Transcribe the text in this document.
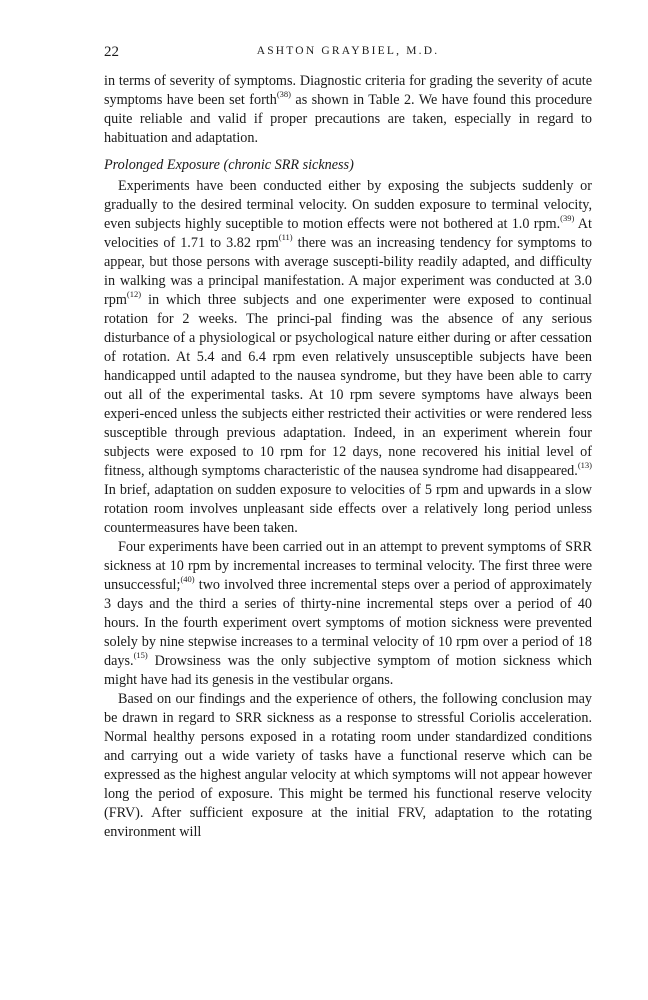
22	ASHTON GRAYBIEL, M.D.

in terms of severity of symptoms. Diagnostic criteria for grading the severity of acute symptoms have been set forth$^{(38)}$ as shown in Table 2. We have found this procedure quite reliable and valid if proper precautions are taken, especially in regard to habituation and adaptation.

Prolonged Exposure (chronic SRR sickness)

Experiments have been conducted either by exposing the subjects suddenly or gradually to the desired terminal velocity. On sudden exposure to terminal velocity, even subjects highly suceptible to motion effects were not bothered at 1.0 rpm.$^{(39)}$ At velocities of 1.71 to 3.82 rpm$^{(11)}$ there was an increasing tendency for symptoms to appear, but those persons with average suscepti-bility readily adapted, and difficulty in walking was a principal manifestation. A major experiment was conducted at 3.0 rpm$^{(12)}$ in which three subjects and one experimenter were exposed to continual rotation for 2 weeks. The princi-pal finding was the absence of any serious disturbance of a physiological or psychological nature either during or after cessation of rotation. At 5.4 and 6.4 rpm even relatively unsusceptible subjects have been handicapped until adapted to the nausea syndrome, but they have been able to carry out all of the experimental tasks. At 10 rpm severe symptoms have always been experi-enced unless the subjects either restricted their activities or were rendered less susceptible through previous adaptation. Indeed, in an experiment wherein four subjects were exposed to 10 rpm for 12 days, none recovered his initial level of fitness, although symptoms characteristic of the nausea syndrome had disappeared.$^{(13)}$ In brief, adaptation on sudden exposure to velocities of 5 rpm and upwards in a slow rotation room involves unpleasant side effects over a relatively long period unless countermeasures have been taken.

Four experiments have been carried out in an attempt to prevent symptoms of SRR sickness at 10 rpm by incremental increases to terminal velocity. The first three were unsuccessful;$^{(40)}$ two involved three incremental steps over a period of approximately 3 days and the third a series of thirty-nine incremental steps over a period of 40 hours. In the fourth experiment overt symptoms of motion sickness were prevented solely by nine stepwise increases to a terminal velocity of 10 rpm over a period of 18 days.$^{(15)}$ Drowsiness was the only subjective symptom of motion sickness which might have had its genesis in the vestibular organs.

Based on our findings and the experience of others, the following conclusion may be drawn in regard to SRR sickness as a response to stressful Coriolis acceleration. Normal healthy persons exposed in a rotating room under standardized conditions and carrying out a wide variety of tasks have a functional reserve which can be expressed as the highest angular velocity at which symptoms will not appear however long the period of exposure. This might be termed his functional reserve velocity (FRV). After sufficient exposure at the initial FRV, adaptation to the rotating environment will
